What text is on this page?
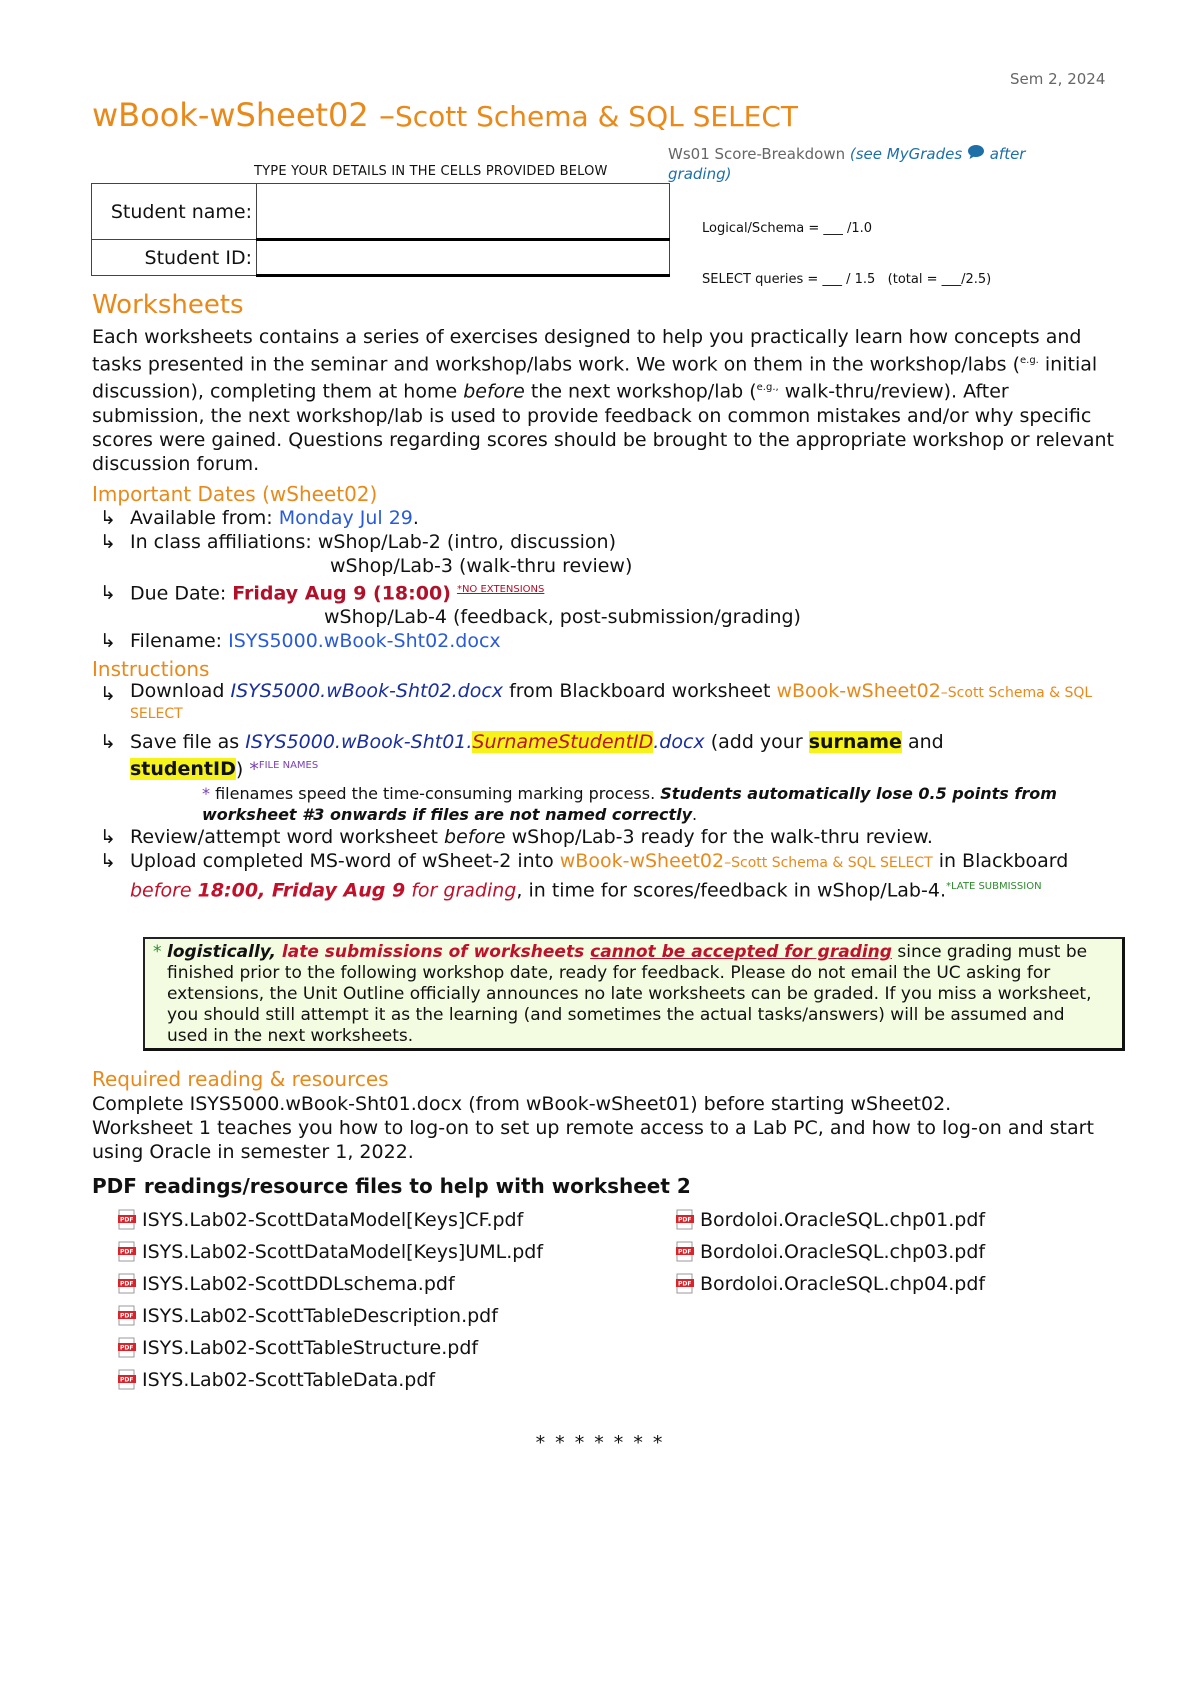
Sem 2, 2024
wBook-wSheet02 –Scott Schema & SQL SELECT
TYPE YOUR DETAILS IN THE CELLS PROVIDED BELOW
Student name:	
Student ID:	
Ws01 Score-Breakdown (see MyGrades after grading)

Logical/Schema = ___ /1.0

SELECT queries = ___ / 1.5   (total = ___/2.5)

Worksheets
Each worksheets contains a series of exercises designed to help you practically learn how concepts and tasks presented in the seminar and workshop/labs work. We work on them in the workshop/labs ($^{e.g.}$ initial discussion), completing them at home before the next workshop/lab ($^{e.g.,}$ walk-thru/review). After submission, the next workshop/lab is used to provide feedback on common mistakes and/or why specific scores were gained. Questions regarding scores should be brought to the appropriate workshop or relevant discussion forum.
Important Dates (wSheet02)
↳ Available from: Monday Jul 29.
↳ In class affiliations: wShop/Lab-2 (intro, discussion)
wShop/Lab-3 (walk-thru review)
↳ Due Date: Friday Aug 9 (18:00) $^{*NO EXTENSIONS}$
wShop/Lab-4 (feedback, post-submission/grading)
↳ Filename: ISYS5000.wBook-Sht02.docx
Instructions
↳ Download ISYS5000.wBook-Sht02.docx from Blackboard worksheet wBook-wSheet02–Scott Schema & SQL SELECT
↳ Save file as ISYS5000.wBook-Sht01.SurnameStudentID.docx (add your surname and
studentID) *$^{FILE NAMES}$
* filenames speed the time-consuming marking process. Students automatically lose 0.5 points from worksheet #3 onwards if files are not named correctly.
↳ Review/attempt word worksheet before wShop/Lab-3 ready for the walk-thru review.
↳ Upload completed MS-word of wSheet-2 into wBook-wSheet02–Scott Schema & SQL SELECT in Blackboard before 18:00, Friday Aug 9 for grading, in time for scores/feedback in wShop/Lab-4.$^{*LATE SUBMISSION}$
* logistically, late submissions of worksheets cannot be accepted for grading since grading must be finished prior to the following workshop date, ready for feedback. Please do not email the UC asking for extensions, the Unit Outline officially announces no late worksheets can be graded. If you miss a worksheet, you should still attempt it as the learning (and sometimes the actual tasks/answers) will be assumed and used in the next worksheets.
Required reading & resources
Complete ISYS5000.wBook-Sht01.docx (from wBook-wSheet01) before starting wSheet02.
Worksheet 1 teaches you how to log-on to set up remote access to a Lab PC, and how to log-on and start using Oracle in semester 1, 2022.
PDF readings/resource files to help with worksheet 2
PDF ISYS.Lab02-ScottDataModel[Keys]CF.pdf
PDF ISYS.Lab02-ScottDataModel[Keys]UML.pdf
PDF ISYS.Lab02-ScottDDLschema.pdf
PDF ISYS.Lab02-ScottTableDescription.pdf
PDF ISYS.Lab02-ScottTableStructure.pdf
PDF ISYS.Lab02-ScottTableData.pdf
PDF Bordoloi.OracleSQL.chp01.pdf
PDF Bordoloi.OracleSQL.chp03.pdf
PDF Bordoloi.OracleSQL.chp04.pdf
* * * * * * *
